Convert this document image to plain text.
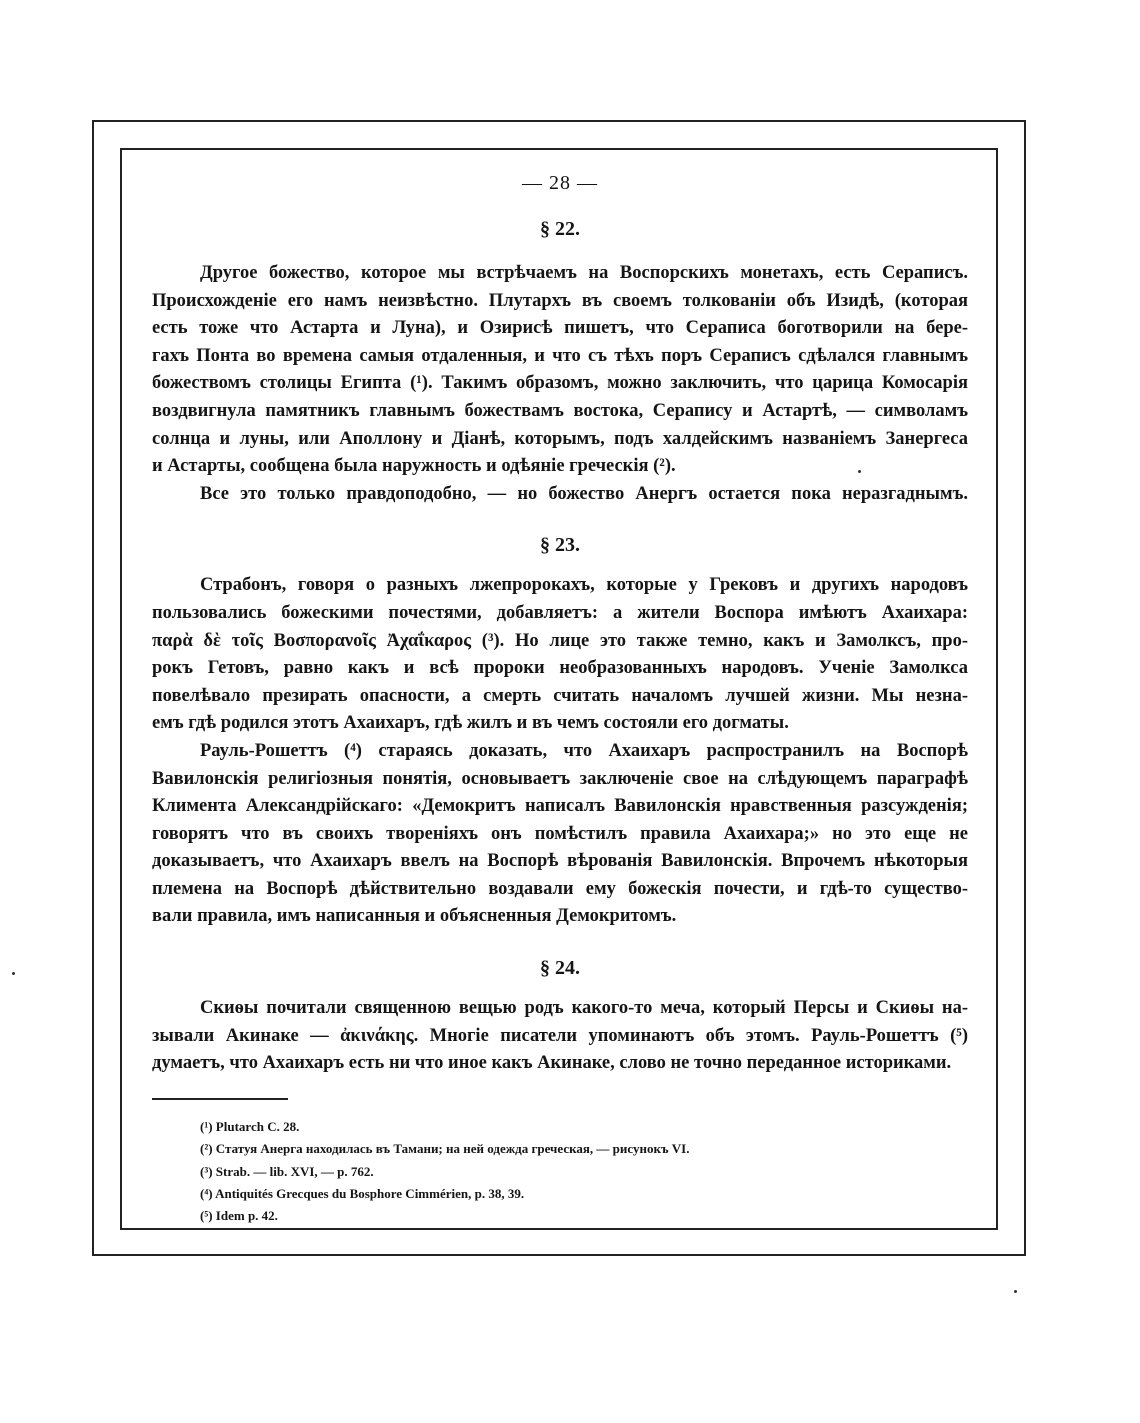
— 28 —
§ 22.
Другое божество, которое мы встрѣчаемъ на Воспорскихъ монетахъ, есть Сераписъ.
Происхожденіе его намъ неизвѣстно. Плутархъ въ своемъ толкованіи объ Изидѣ, (которая
есть тоже что Астарта и Луна), и Озирисѣ пишетъ, что Сераписа боготворили на бере-
гахъ Понта во времена самыя отдаленныя, и что съ тѣхъ поръ Сераписъ сдѣлался главнымъ
божествомъ столицы Египта (¹). Такимъ образомъ, можно заключить, что царица Комосарія
воздвигнула памятникъ главнымъ божествамъ востока, Серапису и Астартѣ, — символамъ
солнца и луны, или Аполлону и Діанѣ, которымъ, подъ халдейскимъ названіемъ Занергеса
и Астарты, сообщена была наружность и одѣяніе греческія (²).
Все это только правдоподобно, — но божество Анергъ остается пока неразгаднымъ.
§ 23.
Страбонъ, говоря о разныхъ лжепророкахъ, которые у Грековъ и другихъ народовъ
пользовались божескими почестями, добавляетъ: а жители Воспора имѣютъ Ахаихара:
παρὰ δὲ τοῖς Βοσπορανοῖς Ἀχαΐκαρος (³). Но лице это также темно, какъ и Замолксъ, про-
рокъ Гетовъ, равно какъ и всѣ пророки необразованныхъ народовъ. Ученіе Замолкса
повелѣвало презирать опасности, а смерть считать началомъ лучшей жизни. Мы незна-
емъ гдѣ родился этотъ Ахаихаръ, гдѣ жилъ и въ чемъ состояли его догматы.
Рауль-Рошеттъ (⁴) стараясь доказать, что Ахаихаръ распространилъ на Воспорѣ
Вавилонскія религіозныя понятія, основываетъ заключеніе свое на слѣдующемъ параграфѣ
Климента Александрійскаго: «Демокритъ написалъ Вавилонскія нравственныя разсужденія;
говорятъ что въ своихъ твореніяхъ онъ помѣстилъ правила Ахаихара;» но это еще не
доказываетъ, что Ахаихаръ ввелъ на Воспорѣ вѣрованія Вавилонскія. Впрочемъ нѣкоторыя
племена на Воспорѣ дѣйствительно воздавали ему божескія почести, и гдѣ-то существо-
вали правила, имъ написанныя и объясненныя Демокритомъ.
§ 24.
Скиѳы почитали священною вещью родъ какого-то меча, который Персы и Скиѳы на-
зывали Акинаке — ἀκινάκης. Многіе писатели упоминаютъ объ этомъ. Рауль-Рошеттъ (⁵)
думаетъ, что Ахаихаръ есть ни что иное какъ Акинаке, слово не точно переданное историками.
(¹) Plutarch C. 28.
(²) Статуя Анерга находилась въ Тамани; на ней одежда греческая, — рисунокъ VI.
(³) Strab. — lib. XVI, — p. 762.
(⁴) Antiquités Grecques du Bosphore Cimmérien, p. 38, 39.
(⁵) Idem p. 42.
